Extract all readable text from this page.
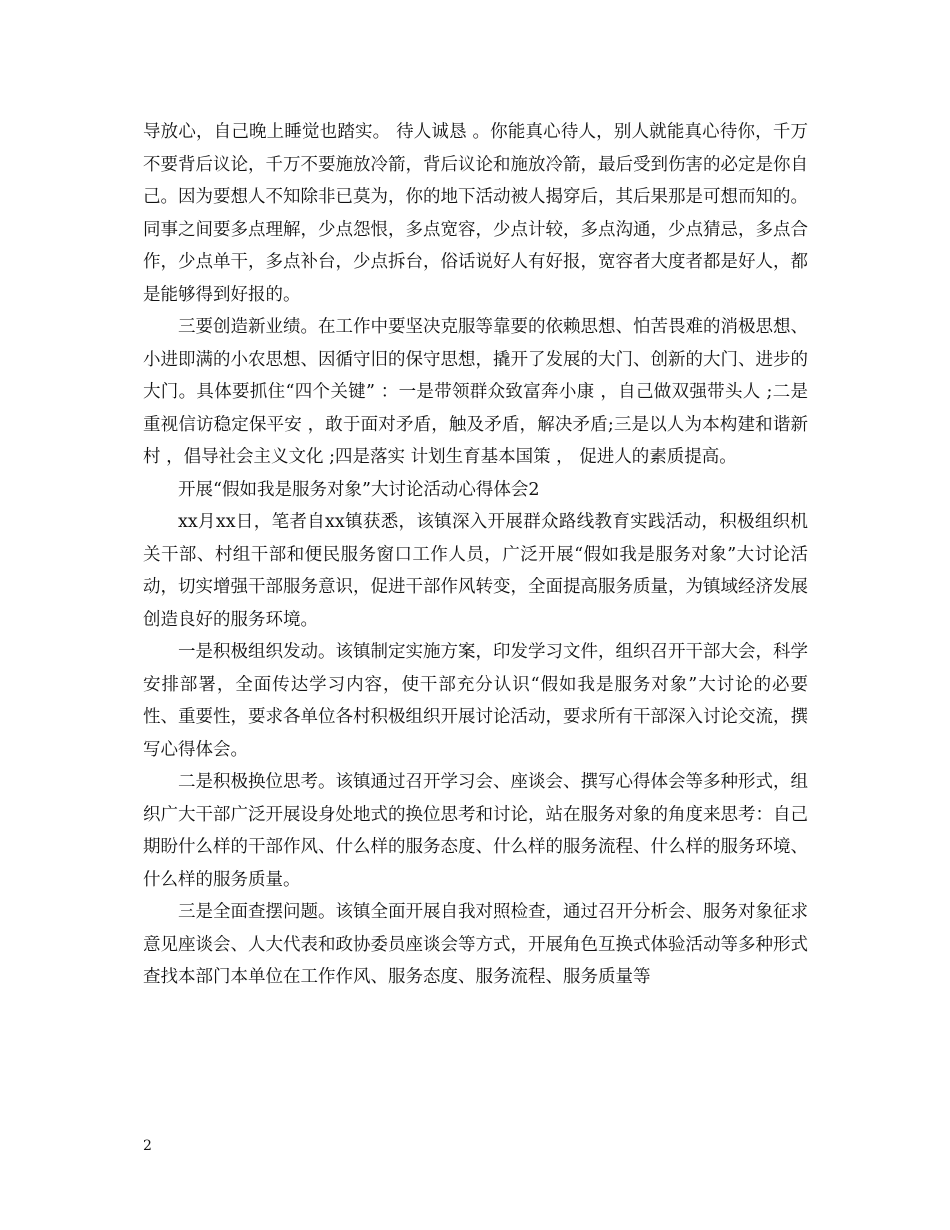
导放心，自己晚上睡觉也踏实。 待人诚恳 。你能真心待人，别人就能真心待你，千万不要背后议论，千万不要施放冷箭，背后议论和施放冷箭，最后受到伤害的必定是你自己。因为要想人不知除非已莫为，你的地下活动被人揭穿后，其后果那是可想而知的。同事之间要多点理解，少点怨恨，多点宽容，少点计较，多点沟通，少点猜忌，多点合作，少点单干，多点补台，少点拆台，俗话说好人有好报，宽容者大度者都是好人，都是能够得到好报的。

三要创造新业绩。在工作中要坚决克服等靠要的依赖思想、怕苦畏难的消极思想、小进即满的小农思想、因循守旧的保守思想，撬开了发展的大门、创新的大门、进步的大门。具体要抓住“四个关键” ：一是带领群众致富奔小康 ，自己做双强带头人 ;二是重视信访稳定保平安 ，敢于面对矛盾，触及矛盾，解决矛盾;三是以人为本构建和谐新村 ，倡导社会主义文化 ;四是落实 计划生育基本国策 ， 促进人的素质提高。

开展“假如我是服务对象”大讨论活动心得体会2

xx月xx日，笔者自xx镇获悉，该镇深入开展群众路线教育实践活动，积极组织机关干部、村组干部和便民服务窗口工作人员，广泛开展“假如我是服务对象”大讨论活动，切实增强干部服务意识，促进干部作风转变，全面提高服务质量，为镇域经济发展创造良好的服务环境。

一是积极组织发动。该镇制定实施方案，印发学习文件，组织召开干部大会，科学安排部署，全面传达学习内容，使干部充分认识“假如我是服务对象”大讨论的必要性、重要性，要求各单位各村积极组织开展讨论活动，要求所有干部深入讨论交流，撰写心得体会。

二是积极换位思考。该镇通过召开学习会、座谈会、撰写心得体会等多种形式，组织广大干部广泛开展设身处地式的换位思考和讨论，站在服务对象的角度来思考：自己期盼什么样的干部作风、什么样的服务态度、什么样的服务流程、什么样的服务环境、什么样的服务质量。

三是全面查摆问题。该镇全面开展自我对照检查，通过召开分析会、服务对象征求意见座谈会、人大代表和政协委员座谈会等方式，开展角色互换式体验活动等多种形式查找本部门本单位在工作作风、服务态度、服务流程、服务质量等

2
